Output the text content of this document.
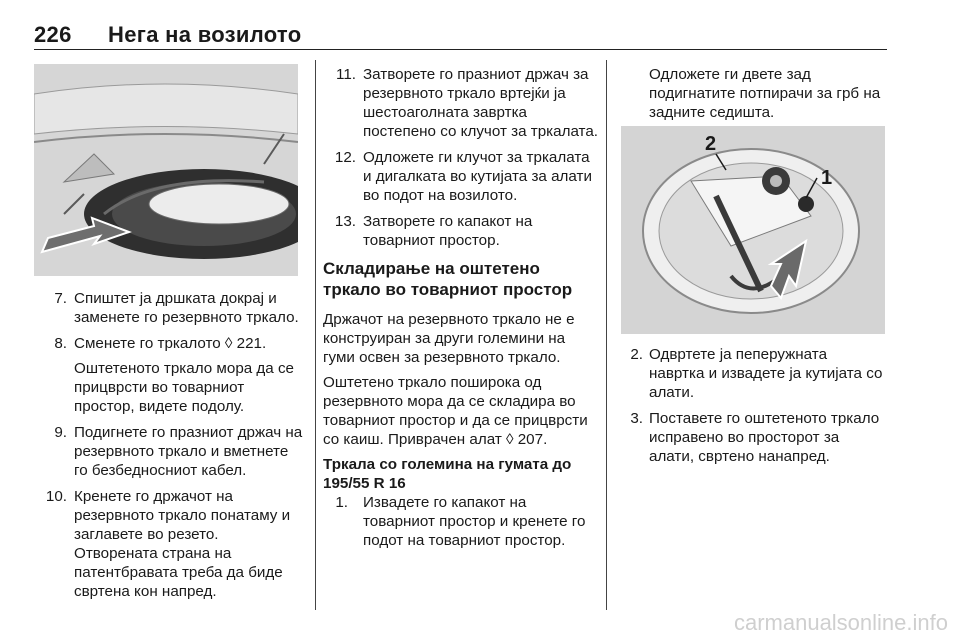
226 Нега на возилото
7. Спиштет ја дршката докрај и заменете го резервното тркало.
8. Сменете го тркалото ◊ 221.
Оштетеното тркало мора да се прицврсти во товарниот простор, видете подолу.
9. Подигнете го празниот држач на резервното тркало и вметнете го безбедносниот кабел.
10. Кренете го држачот на резервното тркало понатаму и заглавете во резето. Отворената страна на патентбравата треба да биде свртена кон напред.
11. Затворете го празниот држач за резервното тркало вртејќи ја шестоаголната завртка постепено со клучот за тркалата.
12. Одложете ги клучот за тркалата и дигалката во кутијата за алати во подот на возилото.
13. Затворете го капакот на товарниот простор.
Складирање на оштетено тркало во товарниот простор

Држачот на резервното тркало не е конструиран за други големини на гуми освен за резервното тркало.

Оштетено тркало поширока од резервното мора да се складира во товарниот простор и да се прицврсти со каиш. Приврачен алат ◊ 207.

Тркала со големина на гумата до 195/55 R 16

1. Извадете го капакот на товарниот простор и кренете го подот на товарниот простор.

Одложете ги двете зад подигнатите потпирачи за грб на задните седишта.

2
1
2. Одвртете ја пеперужната навртка и извадете ја кутијата со алати.
3. Поставете го оштетеното тркало исправено во просторот за алати, свртено нанапред.
carmanualsonline.info
